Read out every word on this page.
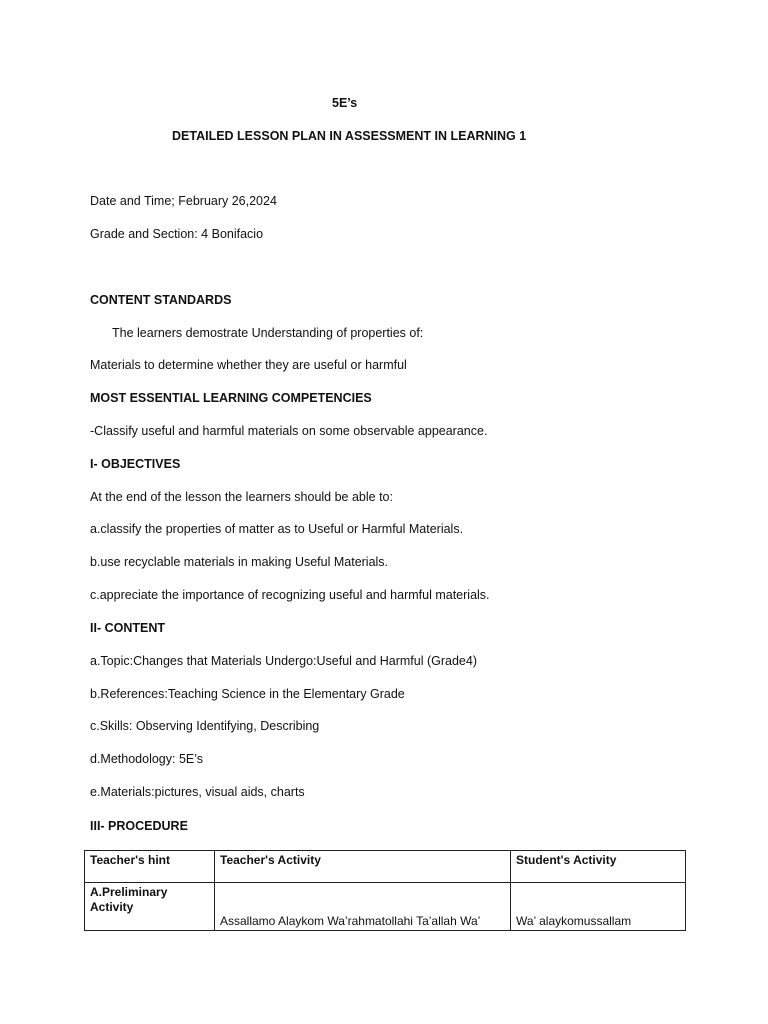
5E’s
DETAILED LESSON PLAN IN ASSESSMENT IN LEARNING 1
Date and Time; February 26,2024
Grade and Section: 4 Bonifacio
CONTENT STANDARDS
The learners demostrate Understanding of properties of:
Materials to determine whether they are useful or harmful
MOST ESSENTIAL LEARNING COMPETENCIES
-Classify useful and harmful materials on some observable appearance.
I- OBJECTIVES
At the end of the lesson the learners should be able to:
a.classify the properties of matter as to Useful or Harmful Materials.
b.use recyclable materials in making Useful Materials.
c.appreciate the importance of recognizing useful and harmful materials.
II- CONTENT
a.Topic:Changes that Materials Undergo:Useful and Harmful (Grade4)
b.References:Teaching Science in the Elementary Grade
c.Skills: Observing Identifying, Describing
d.Methodology: 5E’s
e.Materials:pictures, visual aids, charts
III- PROCEDURE
Teacher's hint	Teacher's Activity	Student's Activity
A.Preliminary Activity	Assallamo Alaykom Wa’rahmatollahi Ta’allah Wa’	Wa’ alaykomussallam
